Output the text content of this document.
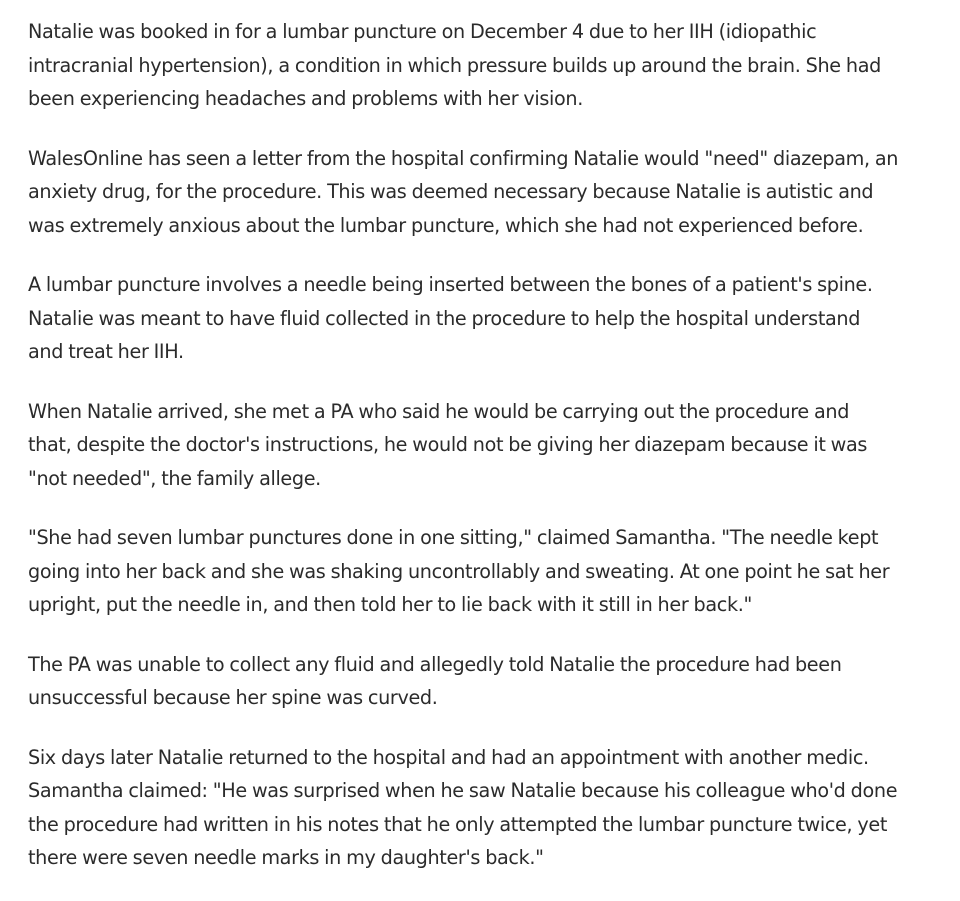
Natalie was booked in for a lumbar puncture on December 4 due to her IIH (idiopathic
intracranial hypertension), a condition in which pressure builds up around the brain. She had
been experiencing headaches and problems with her vision.

WalesOnline has seen a letter from the hospital confirming Natalie would "need" diazepam, an
anxiety drug, for the procedure. This was deemed necessary because Natalie is autistic and
was extremely anxious about the lumbar puncture, which she had not experienced before.

A lumbar puncture involves a needle being inserted between the bones of a patient's spine.
Natalie was meant to have fluid collected in the procedure to help the hospital understand
and treat her IIH.

When Natalie arrived, she met a PA who said he would be carrying out the procedure and
that, despite the doctor's instructions, he would not be giving her diazepam because it was
"not needed", the family allege.

"She had seven lumbar punctures done in one sitting," claimed Samantha. "The needle kept
going into her back and she was shaking uncontrollably and sweating. At one point he sat her
upright, put the needle in, and then told her to lie back with it still in her back."

The PA was unable to collect any fluid and allegedly told Natalie the procedure had been
unsuccessful because her spine was curved.

Six days later Natalie returned to the hospital and had an appointment with another medic.
Samantha claimed: "He was surprised when he saw Natalie because his colleague who'd done
the procedure had written in his notes that he only attempted the lumbar puncture twice, yet
there were seven needle marks in my daughter's back."
